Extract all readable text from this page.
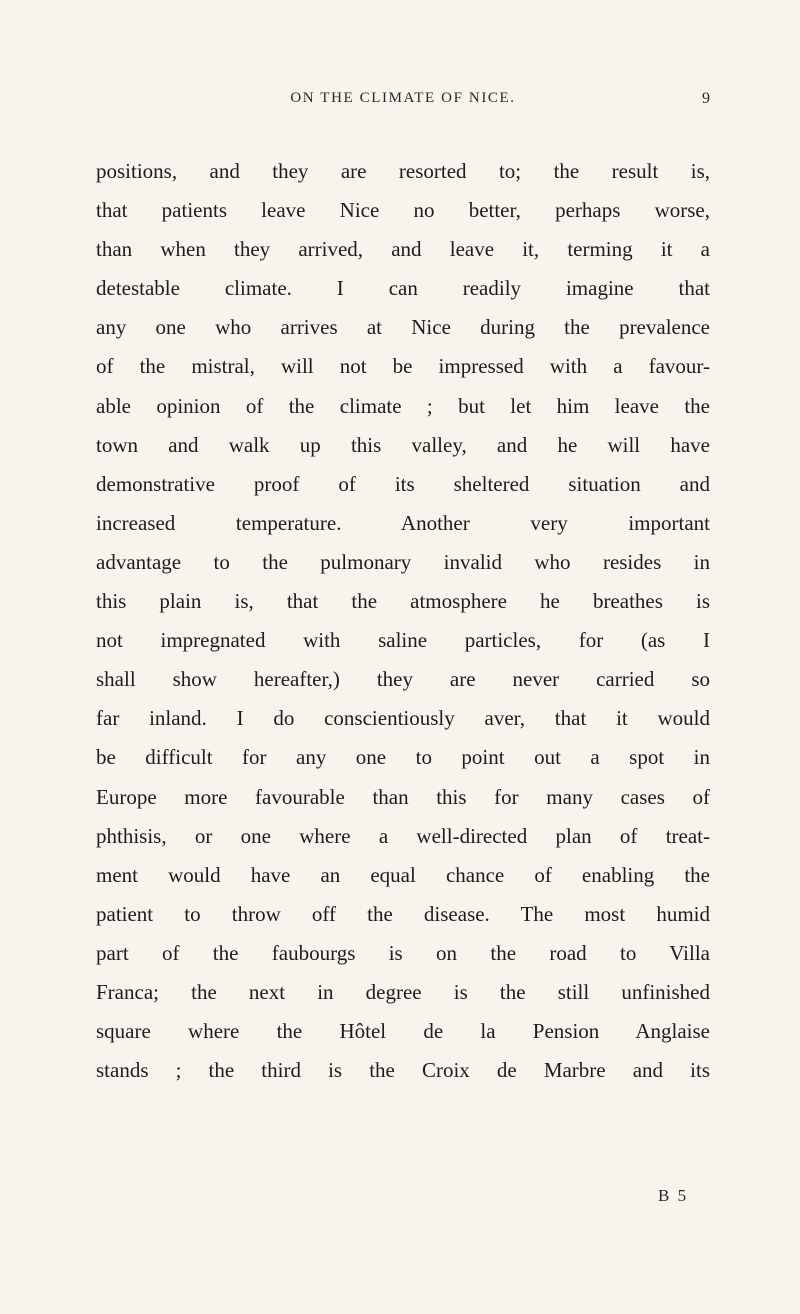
ON THE CLIMATE OF NICE.	9
positions, and they are resorted to; the result is,
that patients leave Nice no better, perhaps worse,
than when they arrived, and leave it, terming it a
detestable climate. I can readily imagine that
any one who arrives at Nice during the prevalence
of the mistral, will not be impressed with a favour-
able opinion of the climate ; but let him leave the
town and walk up this valley, and he will have
demonstrative proof of its sheltered situation and
increased temperature. Another very important
advantage to the pulmonary invalid who resides in
this plain is, that the atmosphere he breathes is
not impregnated with saline particles, for (as I
shall show hereafter,) they are never carried so
far inland. I do conscientiously aver, that it would
be difficult for any one to point out a spot in
Europe more favourable than this for many cases of
phthisis, or one where a well-directed plan of treat-
ment would have an equal chance of enabling the
patient to throw off the disease. The most humid
part of the faubourgs is on the road to Villa
Franca; the next in degree is the still unfinished
square where the Hôtel de la Pension Anglaise
stands ; the third is the Croix de Marbre and its
B 5
